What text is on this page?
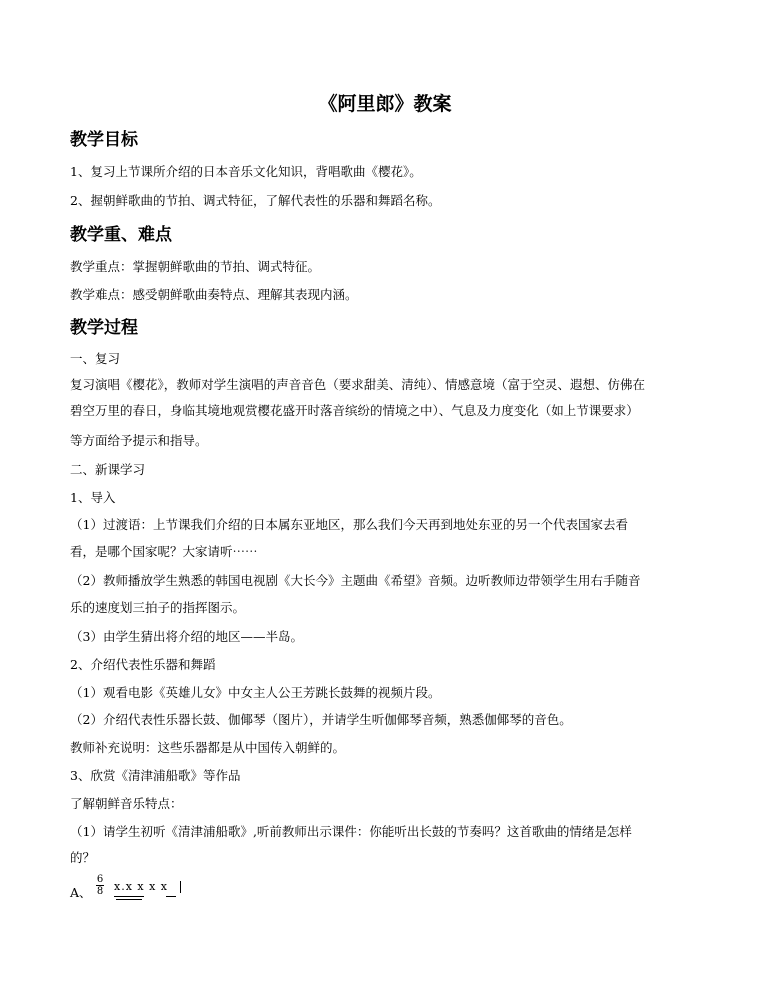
《阿里郎》教案
教学目标

1、复习上节课所介绍的日本音乐文化知识，背唱歌曲《樱花》。

2、握朝鲜歌曲的节拍、调式特征，了解代表性的乐器和舞蹈名称。

教学重、难点

教学重点：掌握朝鲜歌曲的节拍、调式特征。

教学难点：感受朝鲜歌曲奏特点、理解其表现内涵。

教学过程

一、复习

复习演唱《樱花》，教师对学生演唱的声音音色（要求甜美、清纯）、情感意境（富于空灵、遐想、仿佛在

碧空万里的春日，身临其境地观赏樱花盛开时落音缤纷的情境之中）、气息及力度变化（如上节课要求）

等方面给予提示和指导。

二、新课学习

1、导入

（1）过渡语：上节课我们介绍的日本属东亚地区，那么我们今天再到地处东亚的另一个代表国家去看

看，是哪个国家呢？大家请听⋯⋯

（2）教师播放学生熟悉的韩国电视剧《大长今》主题曲《希望》音频。边听教师边带领学生用右手随音

乐的速度划三拍子的指挥图示。

（3）由学生猜出将介绍的地区——半岛。

2、介绍代表性乐器和舞蹈

（1）观看电影《英雄儿女》中女主人公王芳跳长鼓舞的视频片段。

（2）介绍代表性乐器长鼓、伽倻琴（图片），并请学生听伽倻琴音频，熟悉伽倻琴的音色。

教师补充说明：这些乐器都是从中国传入朝鲜的。

3、欣赏《清津浦船歌》等作品

了解朝鲜音乐特点：

（1）请学生初听《清津浦船歌》,听前教师出示课件：你能听出长鼓的节奏吗？这首歌曲的情绪是怎样

的？

A、
6
8 x.x x x x
